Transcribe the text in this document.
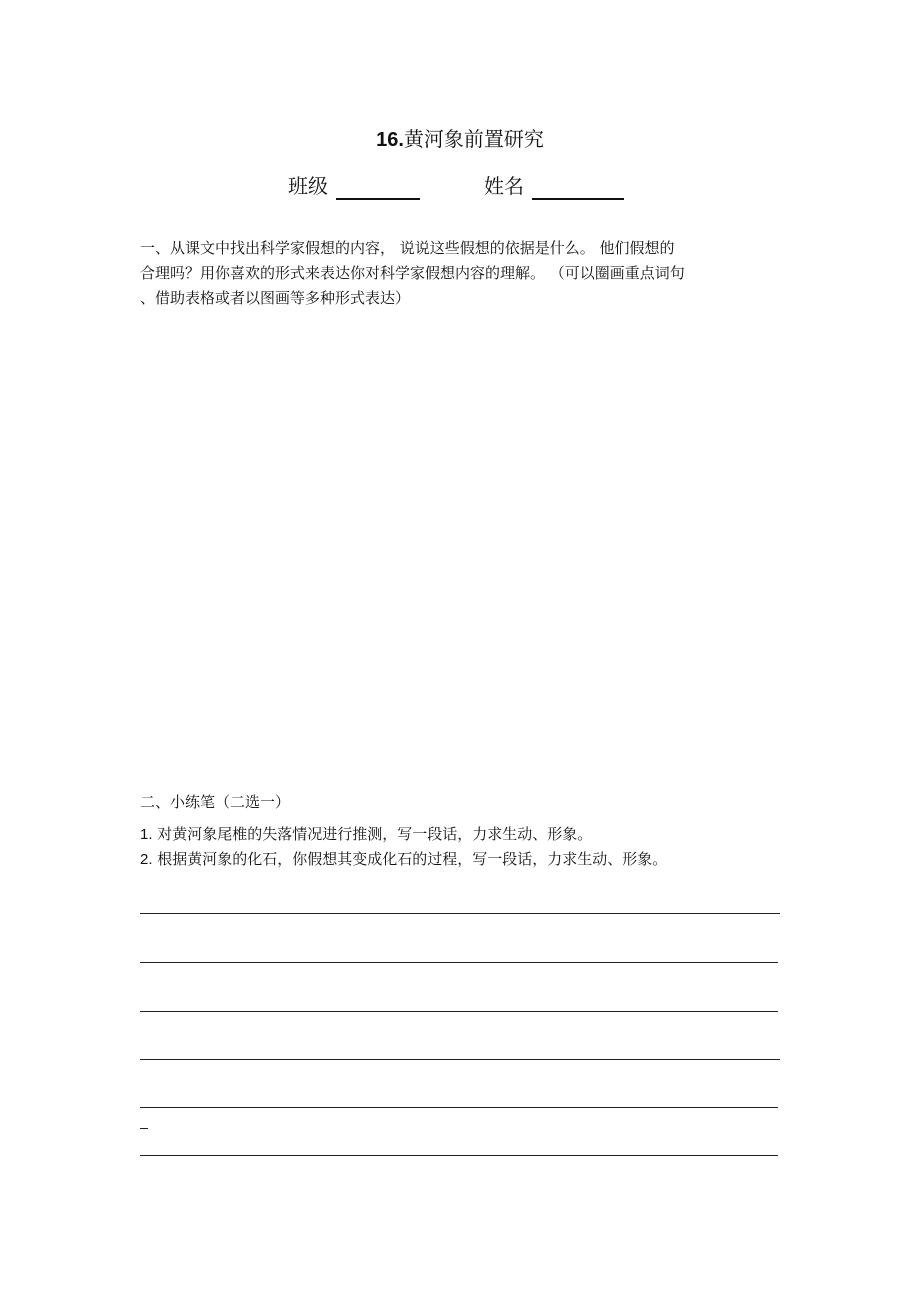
16.黄河象前置研究
班级	姓名
一、从课文中找出科学家假想的内容， 说说这些假想的依据是什么。 他们假想的
合理吗？用你喜欢的形式来表达你对科学家假想内容的理解。 （可以圈画重点词句
、借助表格或者以图画等多种形式表达）
二、小练笔（二选一）
1. 对黄河象尾椎的失落情况进行推测，写一段话，力求生动、形象。
2. 根据黄河象的化石，你假想其变成化石的过程，写一段话，力求生动、形象。
